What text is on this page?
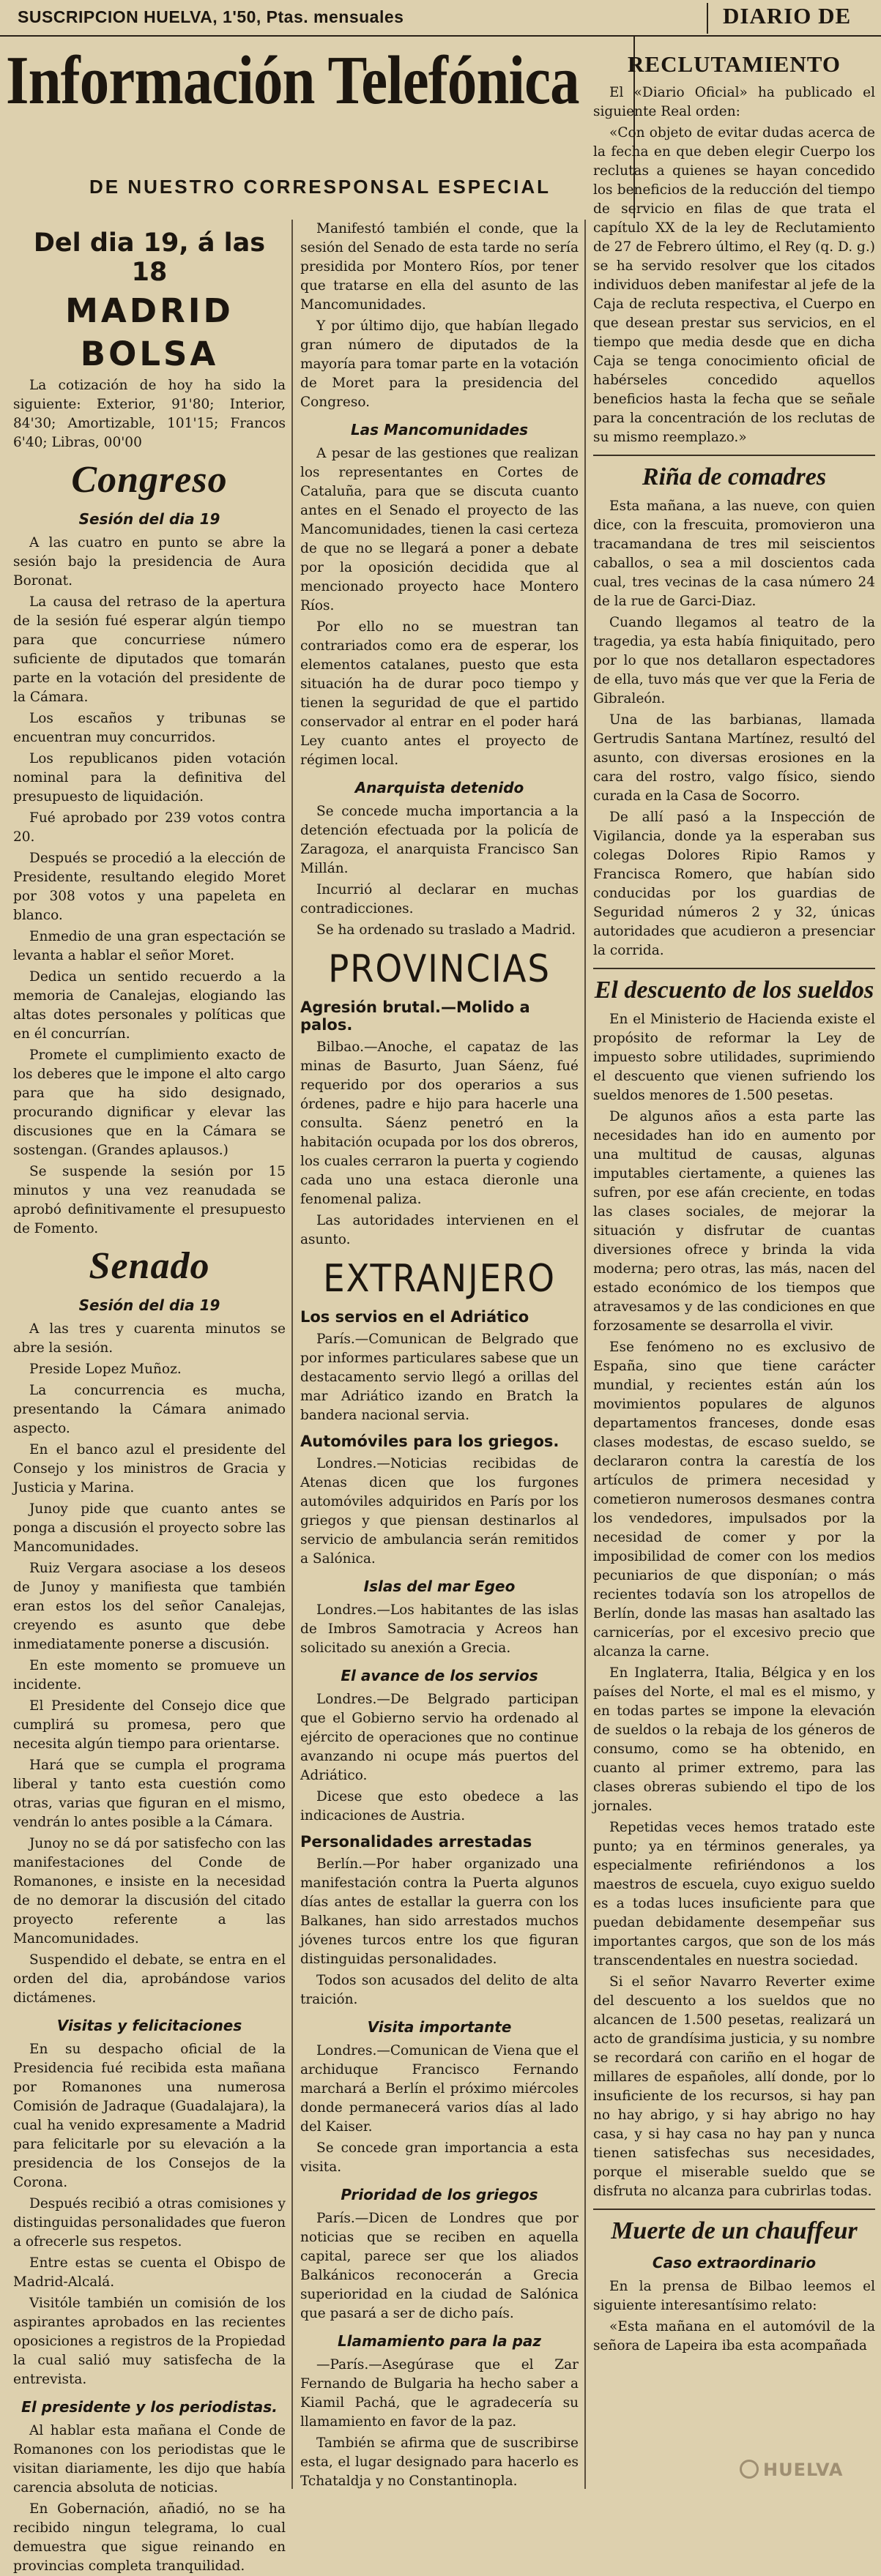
SUSCRIPCION HUELVA, 1'50, Ptas. mensuales	DIARIO DE
Información Telefónica
DE NUESTRO CORRESPONSAL ESPECIAL
Del dia 19, á las 18
MADRID
BOLSA

La cotización de hoy ha sido la siguiente: Exterior, 91'80; Interior, 84'30; Amortizable, 101'15; Francos 6'40; Libras, 00'00

Congreso
Sesión del dia 19

A las cuatro en punto se abre la sesión bajo la presidencia de Aura Boronat.

La causa del retraso de la apertura de la sesión fué esperar algún tiempo para que concurriese número suficiente de diputados que tomarán parte en la votación del presidente de la Cámara.

Los escaños y tribunas se encuentran muy concurridos.

Los republicanos piden votación nominal para la definitiva del presupuesto de liquidación.

Fué aprobado por 239 votos contra 20.

Después se procedió a la elección de Presidente, resultando elegido Moret por 308 votos y una papeleta en blanco.

Enmedio de una gran espectación se levanta a hablar el señor Moret.

Dedica un sentido recuerdo a la memoria de Canalejas, elogiando las altas dotes personales y políticas que en él concurrían.

Promete el cumplimiento exacto de los deberes que le impone el alto cargo para que ha sido designado, procurando dignificar y elevar las discusiones que en la Cámara se sostengan. (Grandes aplausos.)

Se suspende la sesión por 15 minutos y una vez reanudada se aprobó definitivamente el presupuesto de Fomento.

Senado
Sesión del dia 19

A las tres y cuarenta minutos se abre la sesión.

Preside Lopez Muñoz.

La concurrencia es mucha, presentando la Cámara animado aspecto.

En el banco azul el presidente del Consejo y los ministros de Gracia y Justicia y Marina.

Junoy pide que cuanto antes se ponga a discusión el proyecto sobre las Mancomunidades.

Ruiz Vergara asociase a los deseos de Junoy y manifiesta que también eran estos los del señor Canalejas, creyendo es asunto que debe inmediatamente ponerse a discusión.

En este momento se promueve un incidente.

El Presidente del Consejo dice que cumplirá su promesa, pero que necesita algún tiempo para orientarse.

Hará que se cumpla el programa liberal y tanto esta cuestión como otras, varias que figuran en el mismo, vendrán lo antes posible a la Cámara.

Junoy no se dá por satisfecho con las manifestaciones del Conde de Romanones, e insiste en la necesidad de no demorar la discusión del citado proyecto referente a las Mancomunidades.

Suspendido el debate, se entra en el orden del dia, aprobándose varios dictámenes.

Visitas y felicitaciones

En su despacho oficial de la Presidencia fué recibida esta mañana por Romanones una numerosa Comisión de Jadraque (Guadalajara), la cual ha venido expresamente a Madrid para felicitarle por su elevación a la presidencia de los Consejos de la Corona.

Después recibió a otras comisiones y distinguidas personalidades que fueron a ofrecerle sus respetos.

Entre estas se cuenta el Obispo de Madrid-Alcalá.

Visitóle también un comisión de los aspirantes aprobados en las recientes oposiciones a registros de la Propiedad la cual salió muy satisfecha de la entrevista.

El presidente y los periodistas.

Al hablar esta mañana el Conde de Romanones con los periodistas que le visitan diariamente, les dijo que había carencia absoluta de noticias.

En Gobernación, añadió, no se ha recibido ningun telegrama, lo cual demuestra que sigue reinando en provincias completa tranquilidad.

Manifestó también el conde, que la sesión del Senado de esta tarde no sería presidida por Montero Ríos, por tener que tratarse en ella del asunto de las Mancomunidades.

Y por último dijo, que habían llegado gran número de diputados de la mayoría para tomar parte en la votación de Moret para la presidencia del Congreso.

Las Mancomunidades

A pesar de las gestiones que realizan los representantes en Cortes de Cataluña, para que se discuta cuanto antes en el Senado el proyecto de las Mancomunidades, tienen la casi certeza de que no se llegará a poner a debate por la oposición decidida que al mencionado proyecto hace Montero Ríos.

Por ello no se muestran tan contrariados como era de esperar, los elementos catalanes, puesto que esta situación ha de durar poco tiempo y tienen la seguridad de que el partido conservador al entrar en el poder hará Ley cuanto antes el proyecto de régimen local.

Anarquista detenido

Se concede mucha importancia a la detención efectuada por la policía de Zaragoza, el anarquista Francisco San Millán.

Incurrió al declarar en muchas contradicciones.

Se ha ordenado su traslado a Madrid.

PROVINCIAS
Agresión brutal.—Molido a palos.

Bilbao.—Anoche, el capataz de las minas de Basurto, Juan Sáenz, fué requerido por dos operarios a sus órdenes, padre e hijo para hacerle una consulta. Sáenz penetró en la habitación ocupada por los dos obreros, los cuales cerraron la puerta y cogiendo cada uno una estaca dieronle una fenomenal paliza.

Las autoridades intervienen en el asunto.

EXTRANJERO
Los servios en el Adriático

París.—Comunican de Belgrado que por informes particulares sabese que un destacamento servio llegó a orillas del mar Adriático izando en Bratch la bandera nacional servia.

Automóviles para los griegos.

Londres.—Noticias recibidas de Atenas dicen que los furgones automóviles adquiridos en París por los griegos y que piensan destinarlos al servicio de ambulancia serán remitidos a Salónica.

Islas del mar Egeo

Londres.—Los habitantes de las islas de Imbros Samotracia y Acreos han solicitado su anexión a Grecia.

El avance de los servios

Londres.—De Belgrado participan que el Gobierno servio ha ordenado al ejército de operaciones que no continue avanzando ni ocupe más puertos del Adriático.

Dicese que esto obedece a las indicaciones de Austria.

Personalidades arrestadas

Berlín.—Por haber organizado una manifestación contra la Puerta algunos días antes de estallar la guerra con los Balkanes, han sido arrestados muchos jóvenes turcos entre los que figuran distinguidas personalidades.

Todos son acusados del delito de alta traición.

Visita importante

Londres.—Comunican de Viena que el archiduque Francisco Fernando marchará a Berlín el próximo miércoles donde permanecerá varios días al lado del Kaiser.

Se concede gran importancia a esta visita.

Prioridad de los griegos

París.—Dicen de Londres que por noticias que se reciben en aquella capital, parece ser que los aliados Balkánicos reconocerán a Grecia superioridad en la ciudad de Salónica que pasará a ser de dicho país.

Llamamiento para la paz

—París.—Asegúrase que el Zar Fernando de Bulgaria ha hecho saber a Kiamil Pachá, que le agradecería su llamamiento en favor de la paz.

También se afirma que de suscribirse esta, el lugar designado para hacerlo es Tchataldja y no Constantinopla.

RECLUTAMIENTO

El «Diario Oficial» ha publicado el siguiente Real orden:

«Con objeto de evitar dudas acerca de la fecha en que deben elegir Cuerpo los reclutas a quienes se hayan concedido los beneficios de la reducción del tiempo de servicio en filas de que trata el capítulo XX de la ley de Reclutamiento de 27 de Febrero último, el Rey (q. D. g.) se ha servido resolver que los citados individuos deben manifestar al jefe de la Caja de recluta respectiva, el Cuerpo en que desean prestar sus servicios, en el tiempo que media desde que en dicha Caja se tenga conocimiento oficial de habérseles concedido aquellos beneficios hasta la fecha que se señale para la concentración de los reclutas de su mismo reemplazo.»

Riña de comadres

Esta mañana, a las nueve, con quien dice, con la frescuita, promovieron una tracamandana de tres mil seiscientos caballos, o sea a mil doscientos cada cual, tres vecinas de la casa número 24 de la rue de Garci-Diaz.

Cuando llegamos al teatro de la tragedia, ya esta había finiquitado, pero por lo que nos detallaron espectadores de ella, tuvo más que ver que la Feria de Gibraleón.

Una de las barbianas, llamada Gertrudis Santana Martínez, resultó del asunto, con diversas erosiones en la cara del rostro, valgo físico, siendo curada en la Casa de Socorro.

De allí pasó a la Inspección de Vigilancia, donde ya la esperaban sus colegas Dolores Ripio Ramos y Francisca Romero, que habían sido conducidas por los guardias de Seguridad números 2 y 32, únicas autoridades que acudieron a presenciar la corrida.

El descuento de los sueldos

En el Ministerio de Hacienda existe el propósito de reformar la Ley de impuesto sobre utilidades, suprimiendo el descuento que vienen sufriendo los sueldos menores de 1.500 pesetas.

De algunos años a esta parte las necesidades han ido en aumento por una multitud de causas, algunas imputables ciertamente, a quienes las sufren, por ese afán creciente, en todas las clases sociales, de mejorar la situación y disfrutar de cuantas diversiones ofrece y brinda la vida moderna; pero otras, las más, nacen del estado económico de los tiempos que atravesamos y de las condiciones en que forzosamente se desarrolla el vivir.

Ese fenómeno no es exclusivo de España, sino que tiene carácter mundial, y recientes están aún los movimientos populares de algunos departamentos franceses, donde esas clases modestas, de escaso sueldo, se declararon contra la carestía de los artículos de primera necesidad y cometieron numerosos desmanes contra los vendedores, impulsados por la necesidad de comer y por la imposibilidad de comer con los medios pecuniarios de que disponían; o más recientes todavía son los atropellos de Berlín, donde las masas han asaltado las carnicerías, por el excesivo precio que alcanza la carne.

En Inglaterra, Italia, Bélgica y en los países del Norte, el mal es el mismo, y en todas partes se impone la elevación de sueldos o la rebaja de los géneros de consumo, como se ha obtenido, en cuanto al primer extremo, para las clases obreras subiendo el tipo de los jornales.

Repetidas veces hemos tratado este punto; ya en términos generales, ya especialmente refiriéndonos a los maestros de escuela, cuyo exiguo sueldo es a todas luces insuficiente para que puedan debidamente desempeñar sus importantes cargos, que son de los más transcendentales en nuestra sociedad.

Si el señor Navarro Reverter exime del descuento a los sueldos que no alcancen de 1.500 pesetas, realizará un acto de grandísima justicia, y su nombre se recordará con cariño en el hogar de millares de españoles, allí donde, por lo insuficiente de los recursos, si hay pan no hay abrigo, y si hay abrigo no hay casa, y si hay casa no hay pan y nunca tienen satisfechas sus necesidades, porque el miserable sueldo que se disfruta no alcanza para cubrirlas todas.

Muerte de un chauffeur
Caso extraordinario

En la prensa de Bilbao leemos el siguiente interesantísimo relato:

«Esta mañana en el automóvil de la señora de Lapeira iba esta acompañada

HUELVA
